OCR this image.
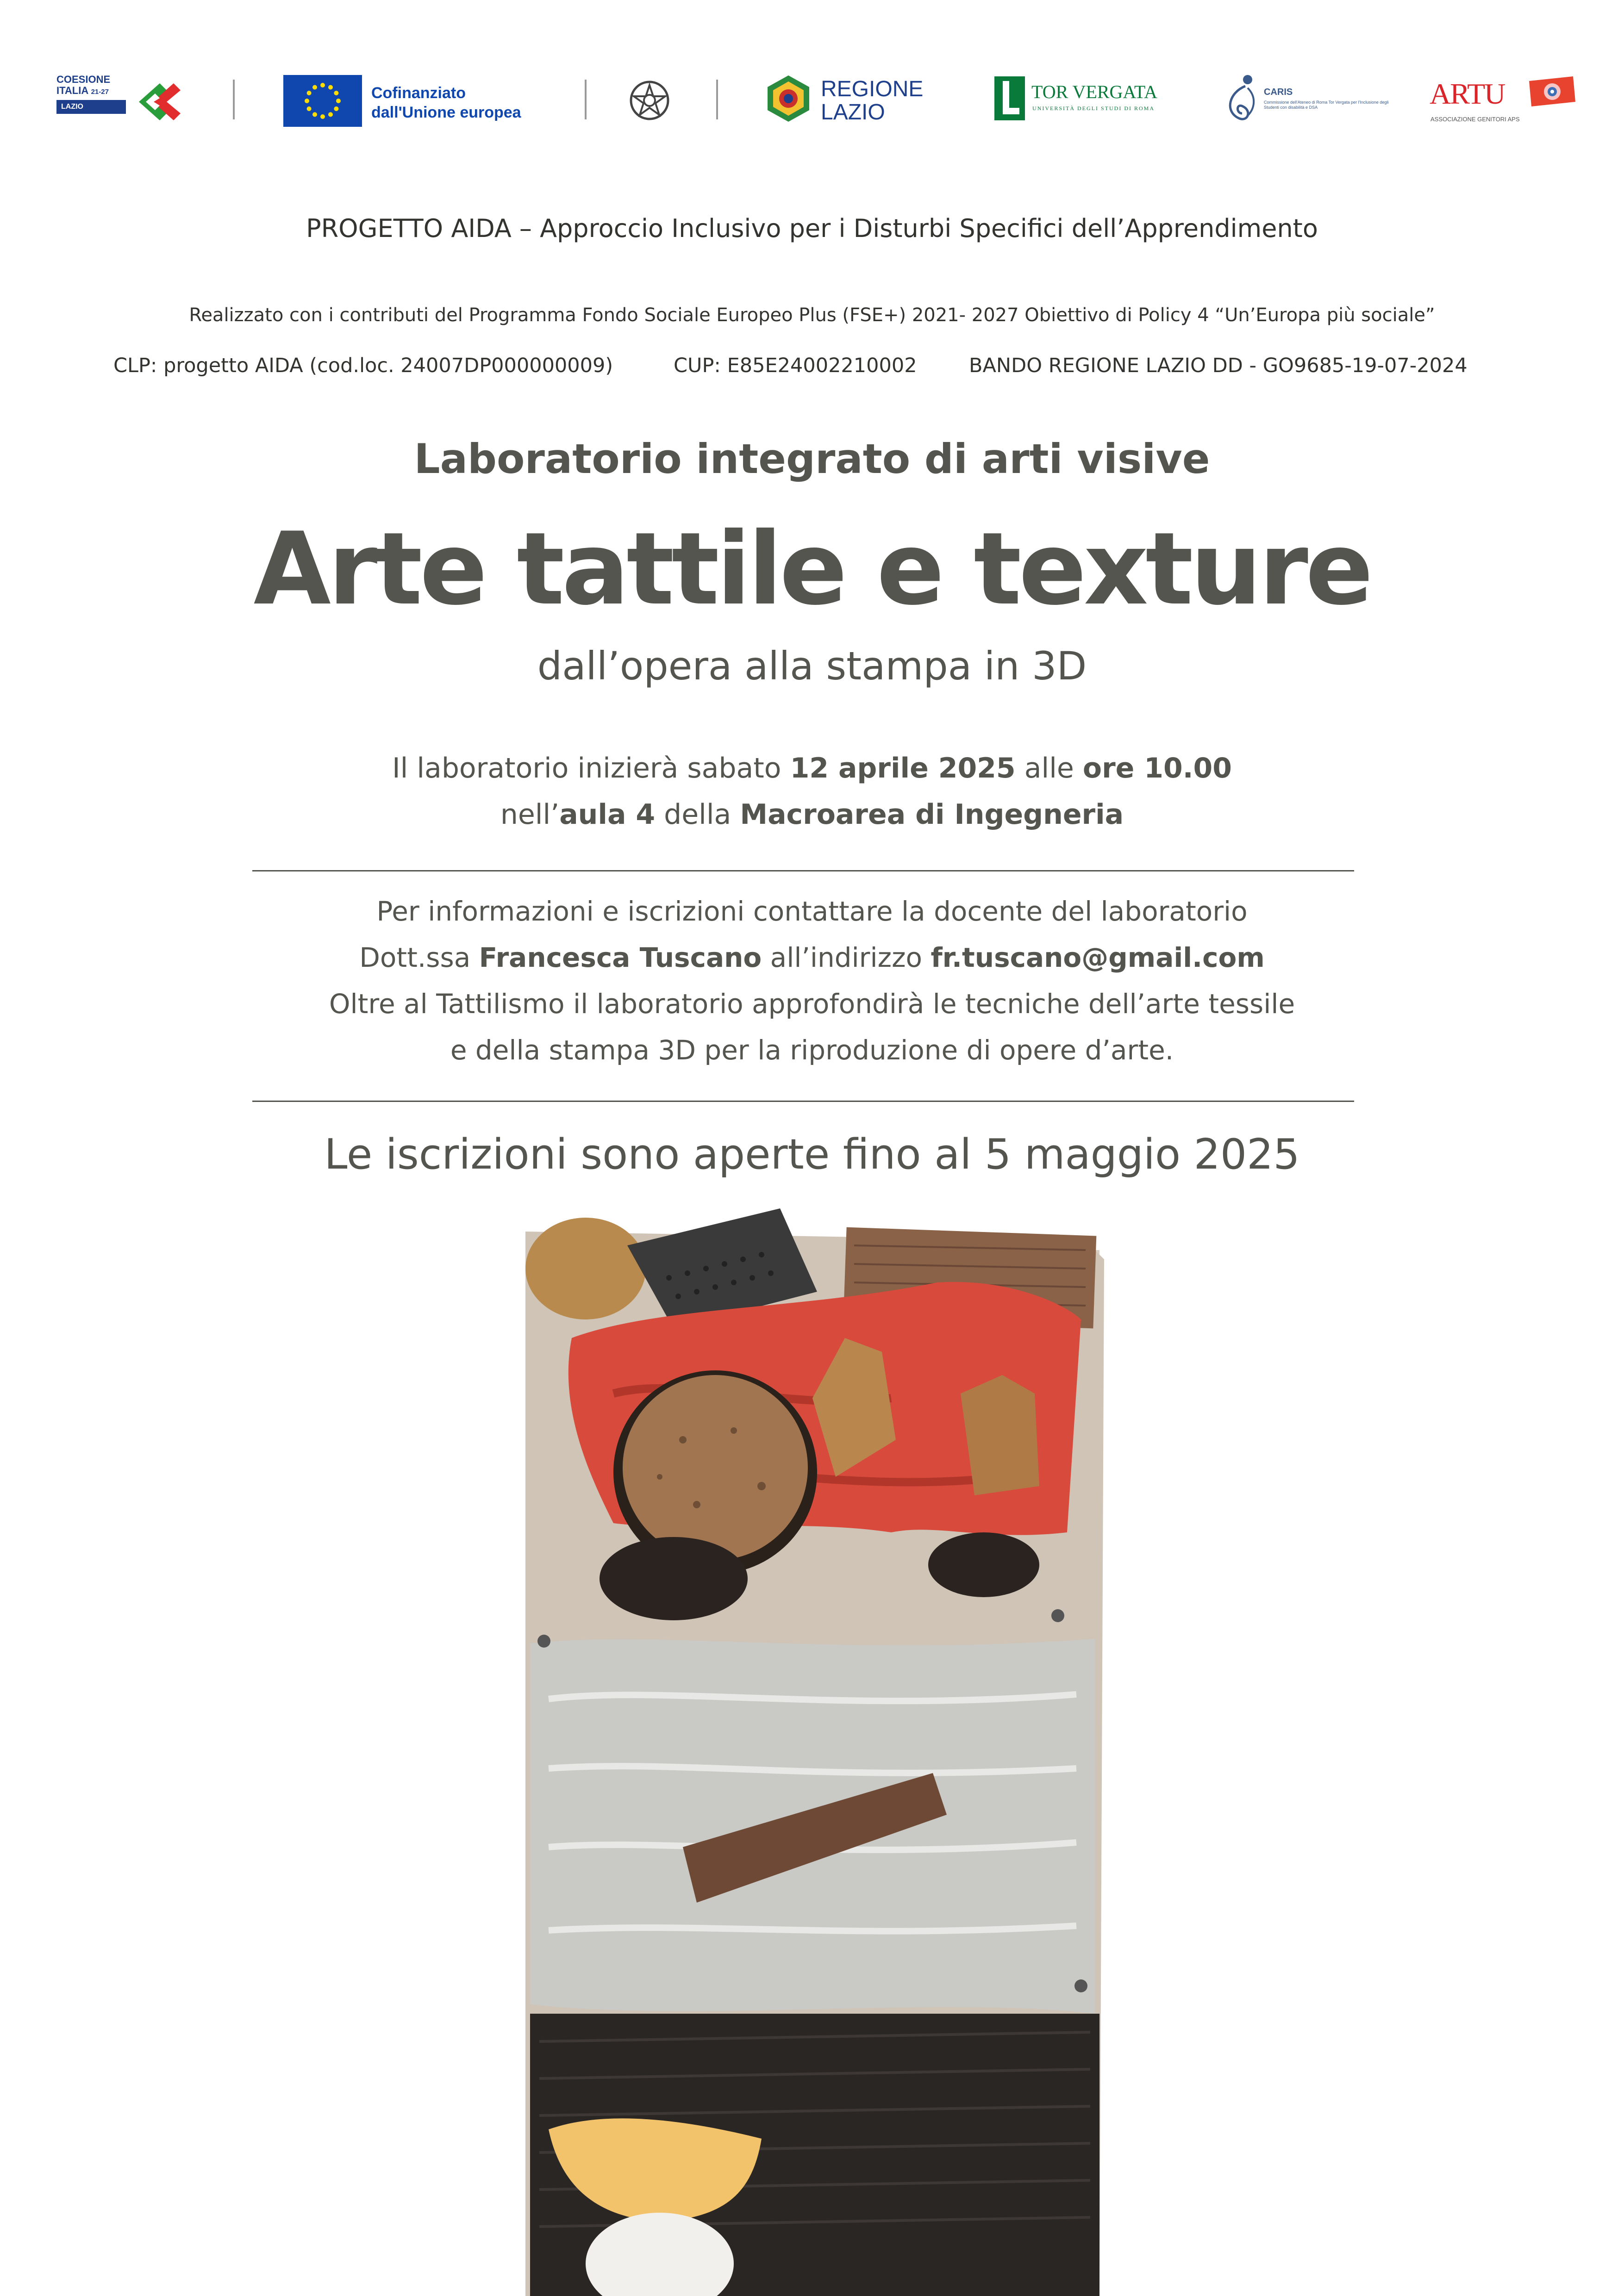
COESIONE
ITALIA 21-27
LAZIO
Cofinanziato
dall'Unione europea
REGIONE
LAZIO
TOR VERGATA
UNIVERSITÀ DEGLI STUDI DI ROMA
CARIS
Commissione dell'Ateneo di Roma Tor Vergata per l'Inclusione degli Studenti con disabilità e DSA	ARTU
ASSOCIAZIONE GENITORI APS
PROGETTO AIDA – Approccio Inclusivo per i Disturbi Specifici dell’Apprendimento
Realizzato con i contributi del Programma Fondo Sociale Europeo Plus (FSE+) 2021- 2027 Obiettivo di Policy 4 “Un’Europa più sociale”
CLP: progetto AIDA (cod.loc. 24007DP000000009)	CUP: E85E24002210002	BANDO REGIONE LAZIO DD - GO9685-19-07-2024
Laboratorio integrato di arti visive
Arte tattile e texture
dall’opera alla stampa in 3D
Il laboratorio inizierà sabato 12 aprile 2025 alle ore 10.00
nell’aula 4 della Macroarea di Ingegneria
Per informazioni e iscrizioni contattare la docente del laboratorio
Dott.ssa Francesca Tuscano all’indirizzo fr.tuscano@gmail.com
Oltre al Tattilismo il laboratorio approfondirà le tecniche dell’arte tessile
e della stampa 3D per la riproduzione di opere d’arte.
Le iscrizioni sono aperte fino al 5 maggio 2025
